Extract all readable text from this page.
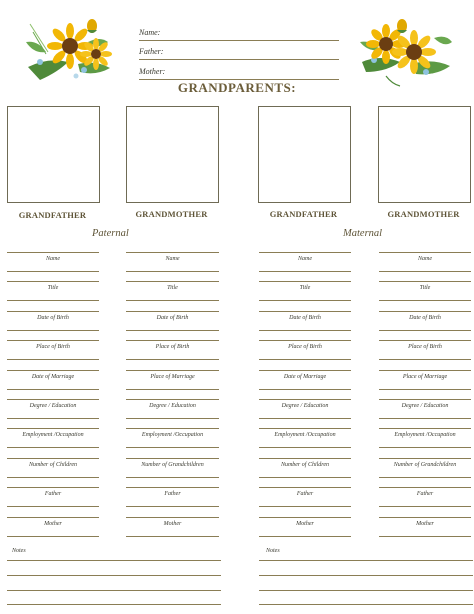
Name:
Father:
Mother:
GRANDPARENTS:
GRANDFATHER	GRANDMOTHER	GRANDFATHER	GRANDMOTHER
Paternal	Maternal
Name
Title
Date of Birth
Place of Birth
Date of Marriage
Degree / Education
Employment /Occupation
Number of Children
Father
Mother
Name
Title
Date of Birth
Place of Birth
Place of Marriage
Degree / Education
Employment /Occupation
Number of Grandchildren
Father
Mother
Name
Title
Date of Birth
Place of Birth
Date of Marriage
Degree / Education
Employment /Occupation
Number of Children
Father
Mother
Name
Title
Date of Birth
Place of Birth
Place of Marriage
Degree / Education
Employment /Occupation
Number of Grandchildren
Father
Mother
Notes	Notes
